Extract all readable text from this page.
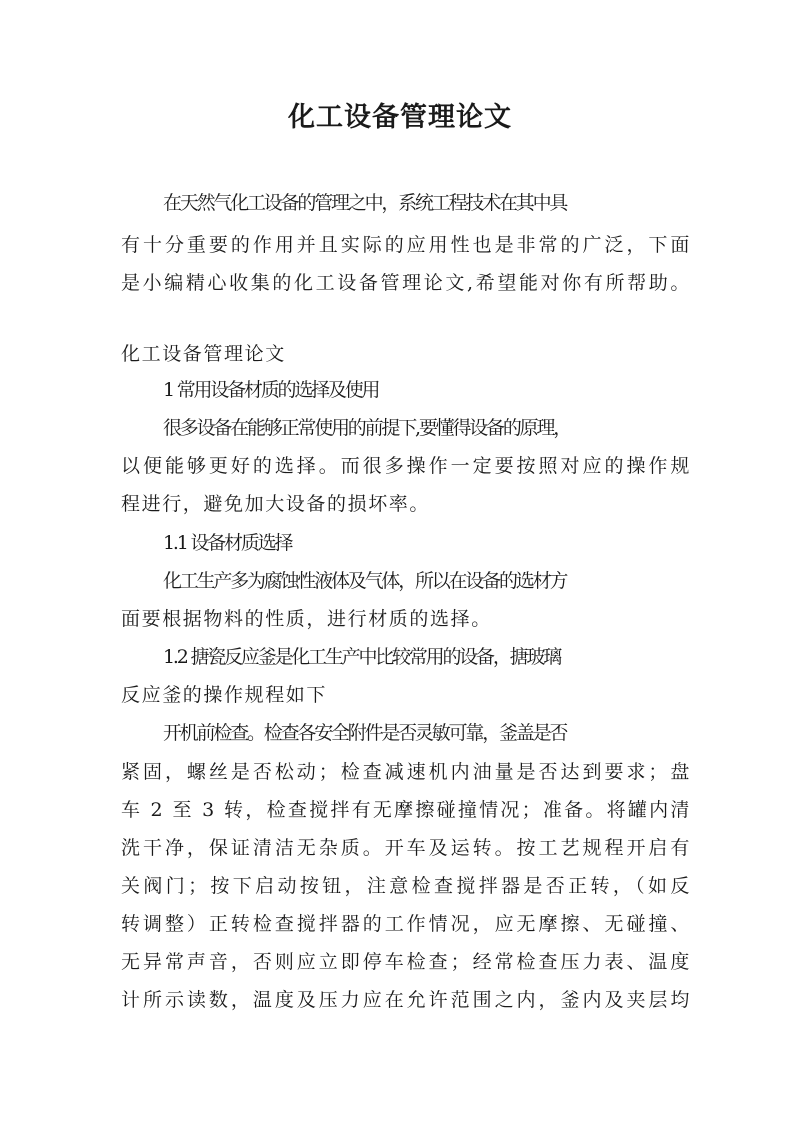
化工设备管理论文

在天然气化工设备的管理之中，系统工程技术在其中具

有十分重要的作用并且实际的应用性也是非常的广泛，下面

是小编精心收集的化工设备管理论文,希望能对你有所帮助。

化工设备管理论文

1 常用设备材质的选择及使用

很多设备在能够正常使用的前提下,要懂得设备的原理，

以便能够更好的选择。而很多操作一定要按照对应的操作规

程进行，避免加大设备的损坏率。

1.1 设备材质选择

化工生产多为腐蚀性液体及气体，所以在设备的选材方

面要根据物料的性质，进行材质的选择。

1.2 搪瓷反应釜是化工生产中比较常用的设备，搪玻璃

反应釜的操作规程如下

开机前检查。检查各安全附件是否灵敏可靠，釜盖是否

紧固，螺丝是否松动；检查减速机内油量是否达到要求；盘

车 2 至 3 转，检查搅拌有无摩擦碰撞情况；准备。将罐内清

洗干净，保证清洁无杂质。开车及运转。按工艺规程开启有

关阀门；按下启动按钮，注意检查搅拌器是否正转，（如反

转调整）正转检查搅拌器的工作情况，应无摩擦、无碰撞、

无异常声音，否则应立即停车检查；经常检查压力表、温度

计所示读数，温度及压力应在允许范围之内，釜内及夹层均
